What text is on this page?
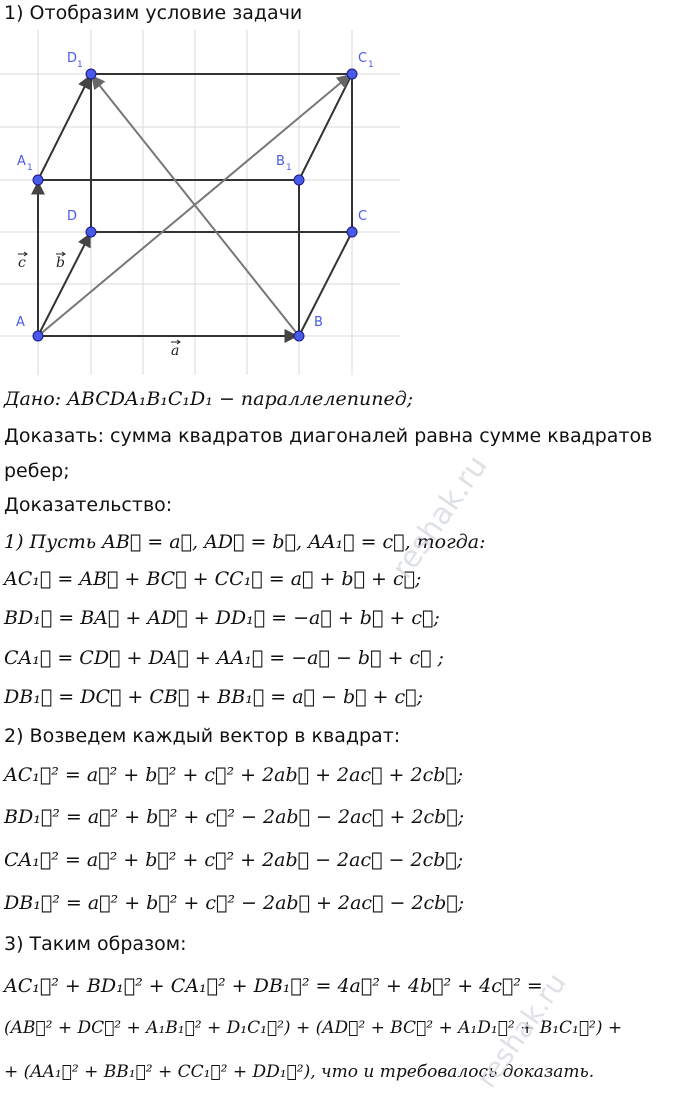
1) Отобразим условие задачи
A	B
C
D
A 1	B 1
C 1
D 1
a
b
c
Дано: ABCDA₁B₁C₁D₁ − параллелепипед;
Доказать: сумма квадратов диагоналей равна сумме квадратов
ребер;
Доказательство:
1) Пусть AB⃗ = a⃗, AD⃗ = b⃗, AA₁⃗ = c⃗, тогда:
AC₁⃗ = AB⃗ + BC⃗ + CC₁⃗ = a⃗ + b⃗ + c⃗;
BD₁⃗ = BA⃗ + AD⃗ + DD₁⃗ = −a⃗ + b⃗ + c⃗;
CA₁⃗ = CD⃗ + DA⃗ + AA₁⃗ = −a⃗ − b⃗ + c⃗ ;
DB₁⃗ = DC⃗ + CB⃗ + BB₁⃗ = a⃗ − b⃗ + c⃗;
2) Возведем каждый вектор в квадрат:
AC₁⃗² = a⃗² + b⃗² + c⃗² + 2ab⃗ + 2ac⃗ + 2cb⃗;
BD₁⃗² = a⃗² + b⃗² + c⃗² − 2ab⃗ − 2ac⃗ + 2cb⃗;
CA₁⃗² = a⃗² + b⃗² + c⃗² + 2ab⃗ − 2ac⃗ − 2cb⃗;
DB₁⃗² = a⃗² + b⃗² + c⃗² − 2ab⃗ + 2ac⃗ − 2cb⃗;
3) Таким образом:
AC₁⃗² + BD₁⃗² + CA₁⃗² + DB₁⃗² = 4a⃗² + 4b⃗² + 4c⃗² =
(AB⃗² + DC⃗² + A₁B₁⃗² + D₁C₁⃗²) + (AD⃗² + BC⃗² + A₁D₁⃗² + B₁C₁⃗²) +
+ (AA₁⃗² + BB₁⃗² + CC₁⃗² + DD₁⃗²), что и требовалось доказать.
reshak.ru
reshak.ru
